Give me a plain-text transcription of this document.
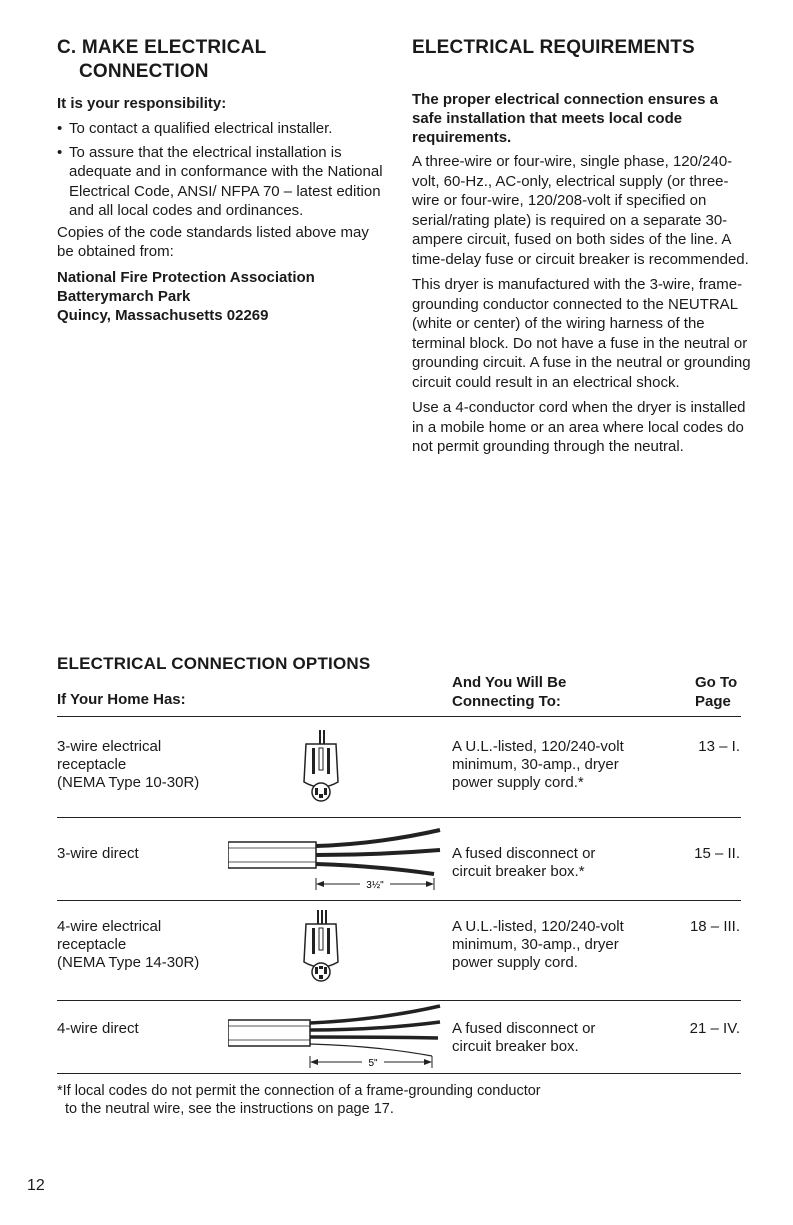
C. MAKE ELECTRICAL
CONNECTION
It is your responsibility:
• To contact a qualified electrical installer.
• To assure that the electrical installation is adequate and in conformance with the National Electrical Code, ANSI/ NFPA 70 – latest edition and all local codes and ordinances.
Copies of the code standards listed above may be obtained from:
National Fire Protection Association
Batterymarch Park
Quincy, Massachusetts 02269
ELECTRICAL REQUIREMENTS
The proper electrical connection ensures a safe installation that meets local code requirements.
A three-wire or four-wire, single phase, 120/240-volt, 60-Hz., AC-only, electrical supply (or three-wire or four-wire, 120/208-volt if specified on serial/rating plate) is required on a separate 30-ampere circuit, fused on both sides of the line. A time-delay fuse or circuit breaker is recommended.
This dryer is manufactured with the 3-wire, frame-grounding conductor connected to the NEUTRAL (white or center) of the wiring harness of the terminal block. Do not have a fuse in the neutral or grounding circuit. A fuse in the neutral or grounding circuit could result in an electrical shock.
Use a 4-conductor cord when the dryer is installed in a mobile home or an area where local codes do not permit grounding through the neutral.
ELECTRICAL CONNECTION OPTIONS
If Your Home Has:
And You Will Be
Connecting To:
Go To
Page
3-wire electrical
receptacle
(NEMA Type 10-30R)
A U.L.-listed, 120/240-volt
minimum, 30-amp., dryer
power supply cord.*
13 – I.
3-wire direct
3½"
A fused disconnect or
circuit breaker box.*
15 – II.
4-wire electrical
receptacle
(NEMA Type 14-30R)
A U.L.-listed, 120/240-volt
minimum, 30-amp., dryer
power supply cord.
18 – III.
4-wire direct
5"
A fused disconnect or
circuit breaker box.
21 – IV.
*If local codes do not permit the connection of a frame-grounding conductor
to the neutral wire, see the instructions on page 17.
12
